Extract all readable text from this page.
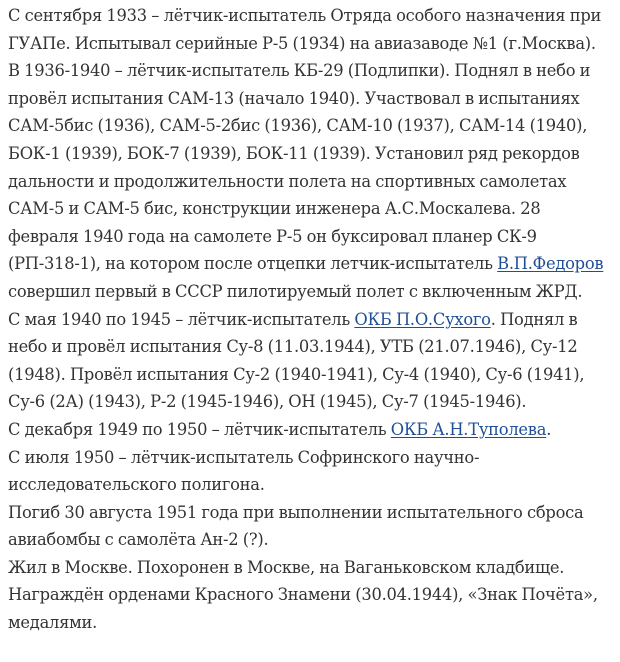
С сентября 1933 – лётчик-испытатель Отряда особого назначения при ГУАПе. Испытывал серийные Р-5 (1934) на авиазаводе №1 (г.Москва).

В 1936-1940 – лётчик-испытатель КБ-29 (Подлипки). Поднял в небо и провёл испытания САМ-13 (начало 1940). Участвовал в испытаниях САМ-5бис (1936), САМ-5-2бис (1936), САМ-10 (1937), САМ-14 (1940), БОК-1 (1939), БОК-7 (1939), БОК-11 (1939). Установил ряд рекордов дальности и продолжительности полета на спортивных самолетах САМ-5 и САМ-5 бис, конструкции инженера А.С.Москалева. 28 февраля 1940 года на самолете Р-5 он буксировал планер СК-9 (РП-318-1), на котором после отцепки летчик-испытатель В.П.Федоров совершил первый в СССР пилотируемый полет с включенным ЖРД.

С мая 1940 по 1945 – лётчик-испытатель ОКБ П.О.Сухого. Поднял в небо и провёл испытания Су-8 (11.03.1944), УТБ (21.07.1946), Су-12 (1948). Провёл испытания Су-2 (1940-1941), Су-4 (1940), Су-6 (1941), Су-6 (2А) (1943), Р-2 (1945-1946), ОН (1945), Су-7 (1945-1946).

С декабря 1949 по 1950 – лётчик-испытатель ОКБ А.Н.Туполева.

С июля 1950 – лётчик-испытатель Софринского научно-исследовательского полигона.

Погиб 30 августа 1951 года при выполнении испытательного сброса авиабомбы с самолёта Ан-2 (?).

Жил в Москве. Похоронен в Москве, на Ваганьковском кладбище.

Награждён орденами Красного Знамени (30.04.1944), «Знак Почёта», медалями.
